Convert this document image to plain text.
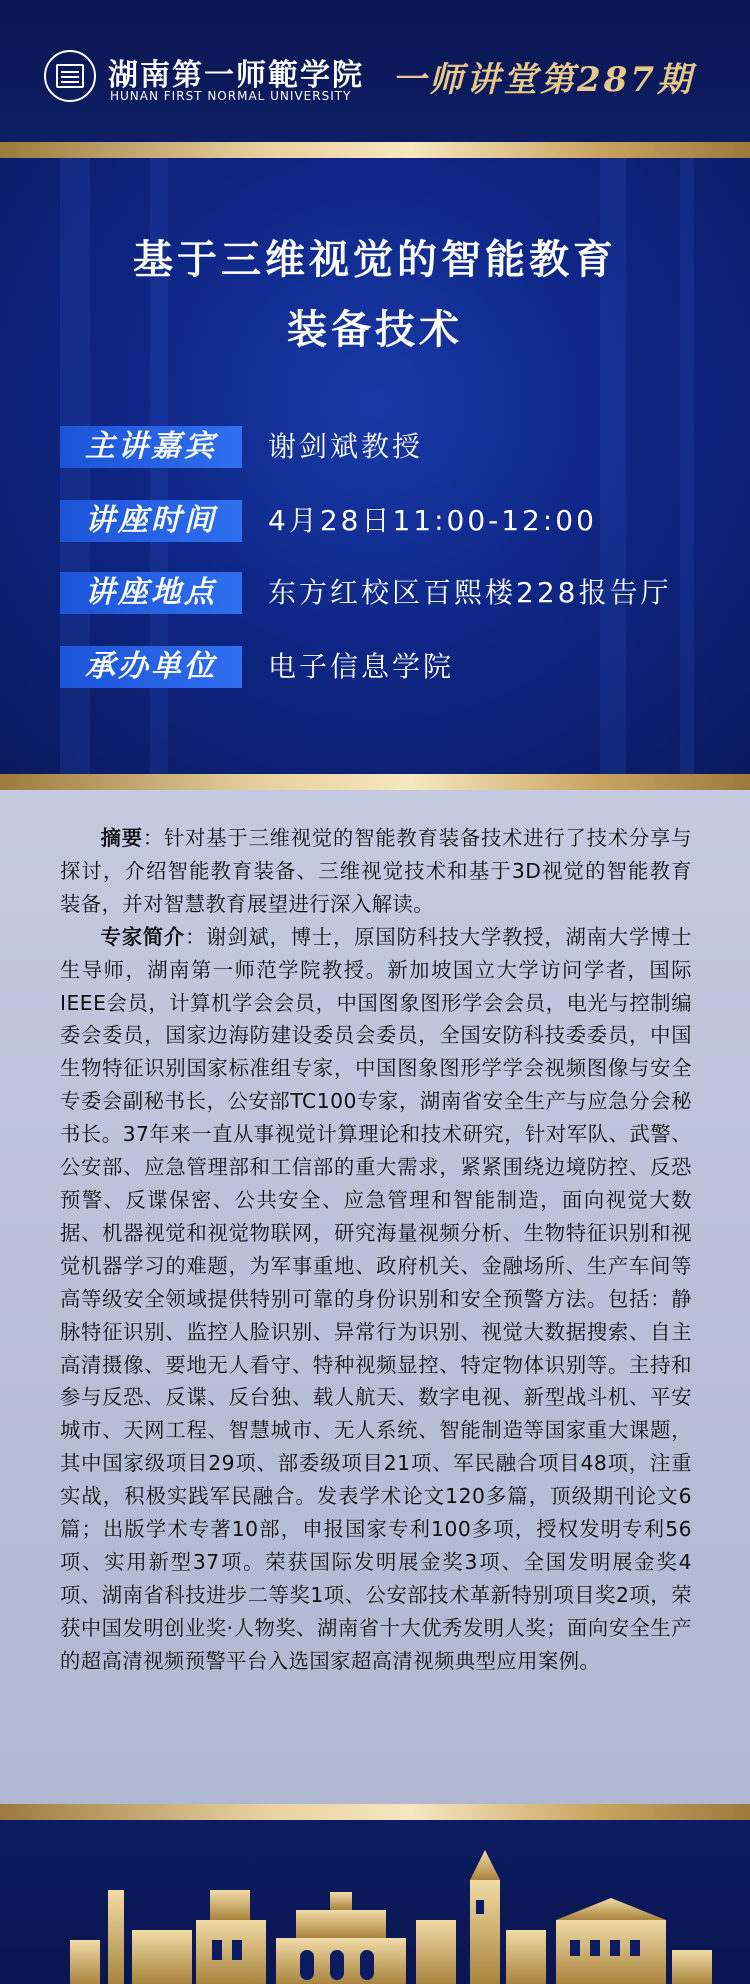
湖南第一师範学院
HUNAN FIRST NORMAL UNIVERSITY 一师讲堂第287期
基于三维视觉的智能教育
装备技术
主讲嘉宾	谢剑斌教授
讲座时间	4月28日11:00-12:00
讲座地点	东方红校区百熙楼228报告厅
承办单位	电子信息学院

摘要：针对基于三维视觉的智能教育装备技术进行了技术分享与探讨，介绍智能教育装备、三维视觉技术和基于3D视觉的智能教育装备，并对智慧教育展望进行深入解读。

专家简介：谢剑斌，博士，原国防科技大学教授，湖南大学博士生导师，湖南第一师范学院教授。新加坡国立大学访问学者，国际IEEE会员，计算机学会会员，中国图象图形学会会员，电光与控制编委会委员，国家边海防建设委员会委员，全国安防科技委委员，中国生物特征识别国家标准组专家，中国图象图形学学会视频图像与安全专委会副秘书长，公安部TC100专家，湖南省安全生产与应急分会秘书长。37年来一直从事视觉计算理论和技术研究，针对军队、武警、公安部、应急管理部和工信部的重大需求，紧紧围绕边境防控、反恐预警、反谍保密、公共安全、应急管理和智能制造，面向视觉大数据、机器视觉和视觉物联网，研究海量视频分析、生物特征识别和视觉机器学习的难题，为军事重地、政府机关、金融场所、生产车间等高等级安全领域提供特别可靠的身份识别和安全预警方法。包括：静脉特征识别、监控人脸识别、异常行为识别、视觉大数据搜索、自主高清摄像、要地无人看守、特种视频显控、特定物体识别等。主持和参与反恐、反谍、反台独、载人航天、数字电视、新型战斗机、平安城市、天网工程、智慧城市、无人系统、智能制造等国家重大课题，其中国家级项目29项、部委级项目21项、军民融合项目48项，注重实战，积极实践军民融合。发表学术论文120多篇，顶级期刊论文6篇；出版学术专著10部，申报国家专利100多项，授权发明专利56项、实用新型37项。荣获国际发明展金奖3项、全国发明展金奖4项、湖南省科技进步二等奖1项、公安部技术革新特别项目奖2项，荣获中国发明创业奖·人物奖、湖南省十大优秀发明人奖；面向安全生产的超高清视频预警平台入选国家超高清视频典型应用案例。
